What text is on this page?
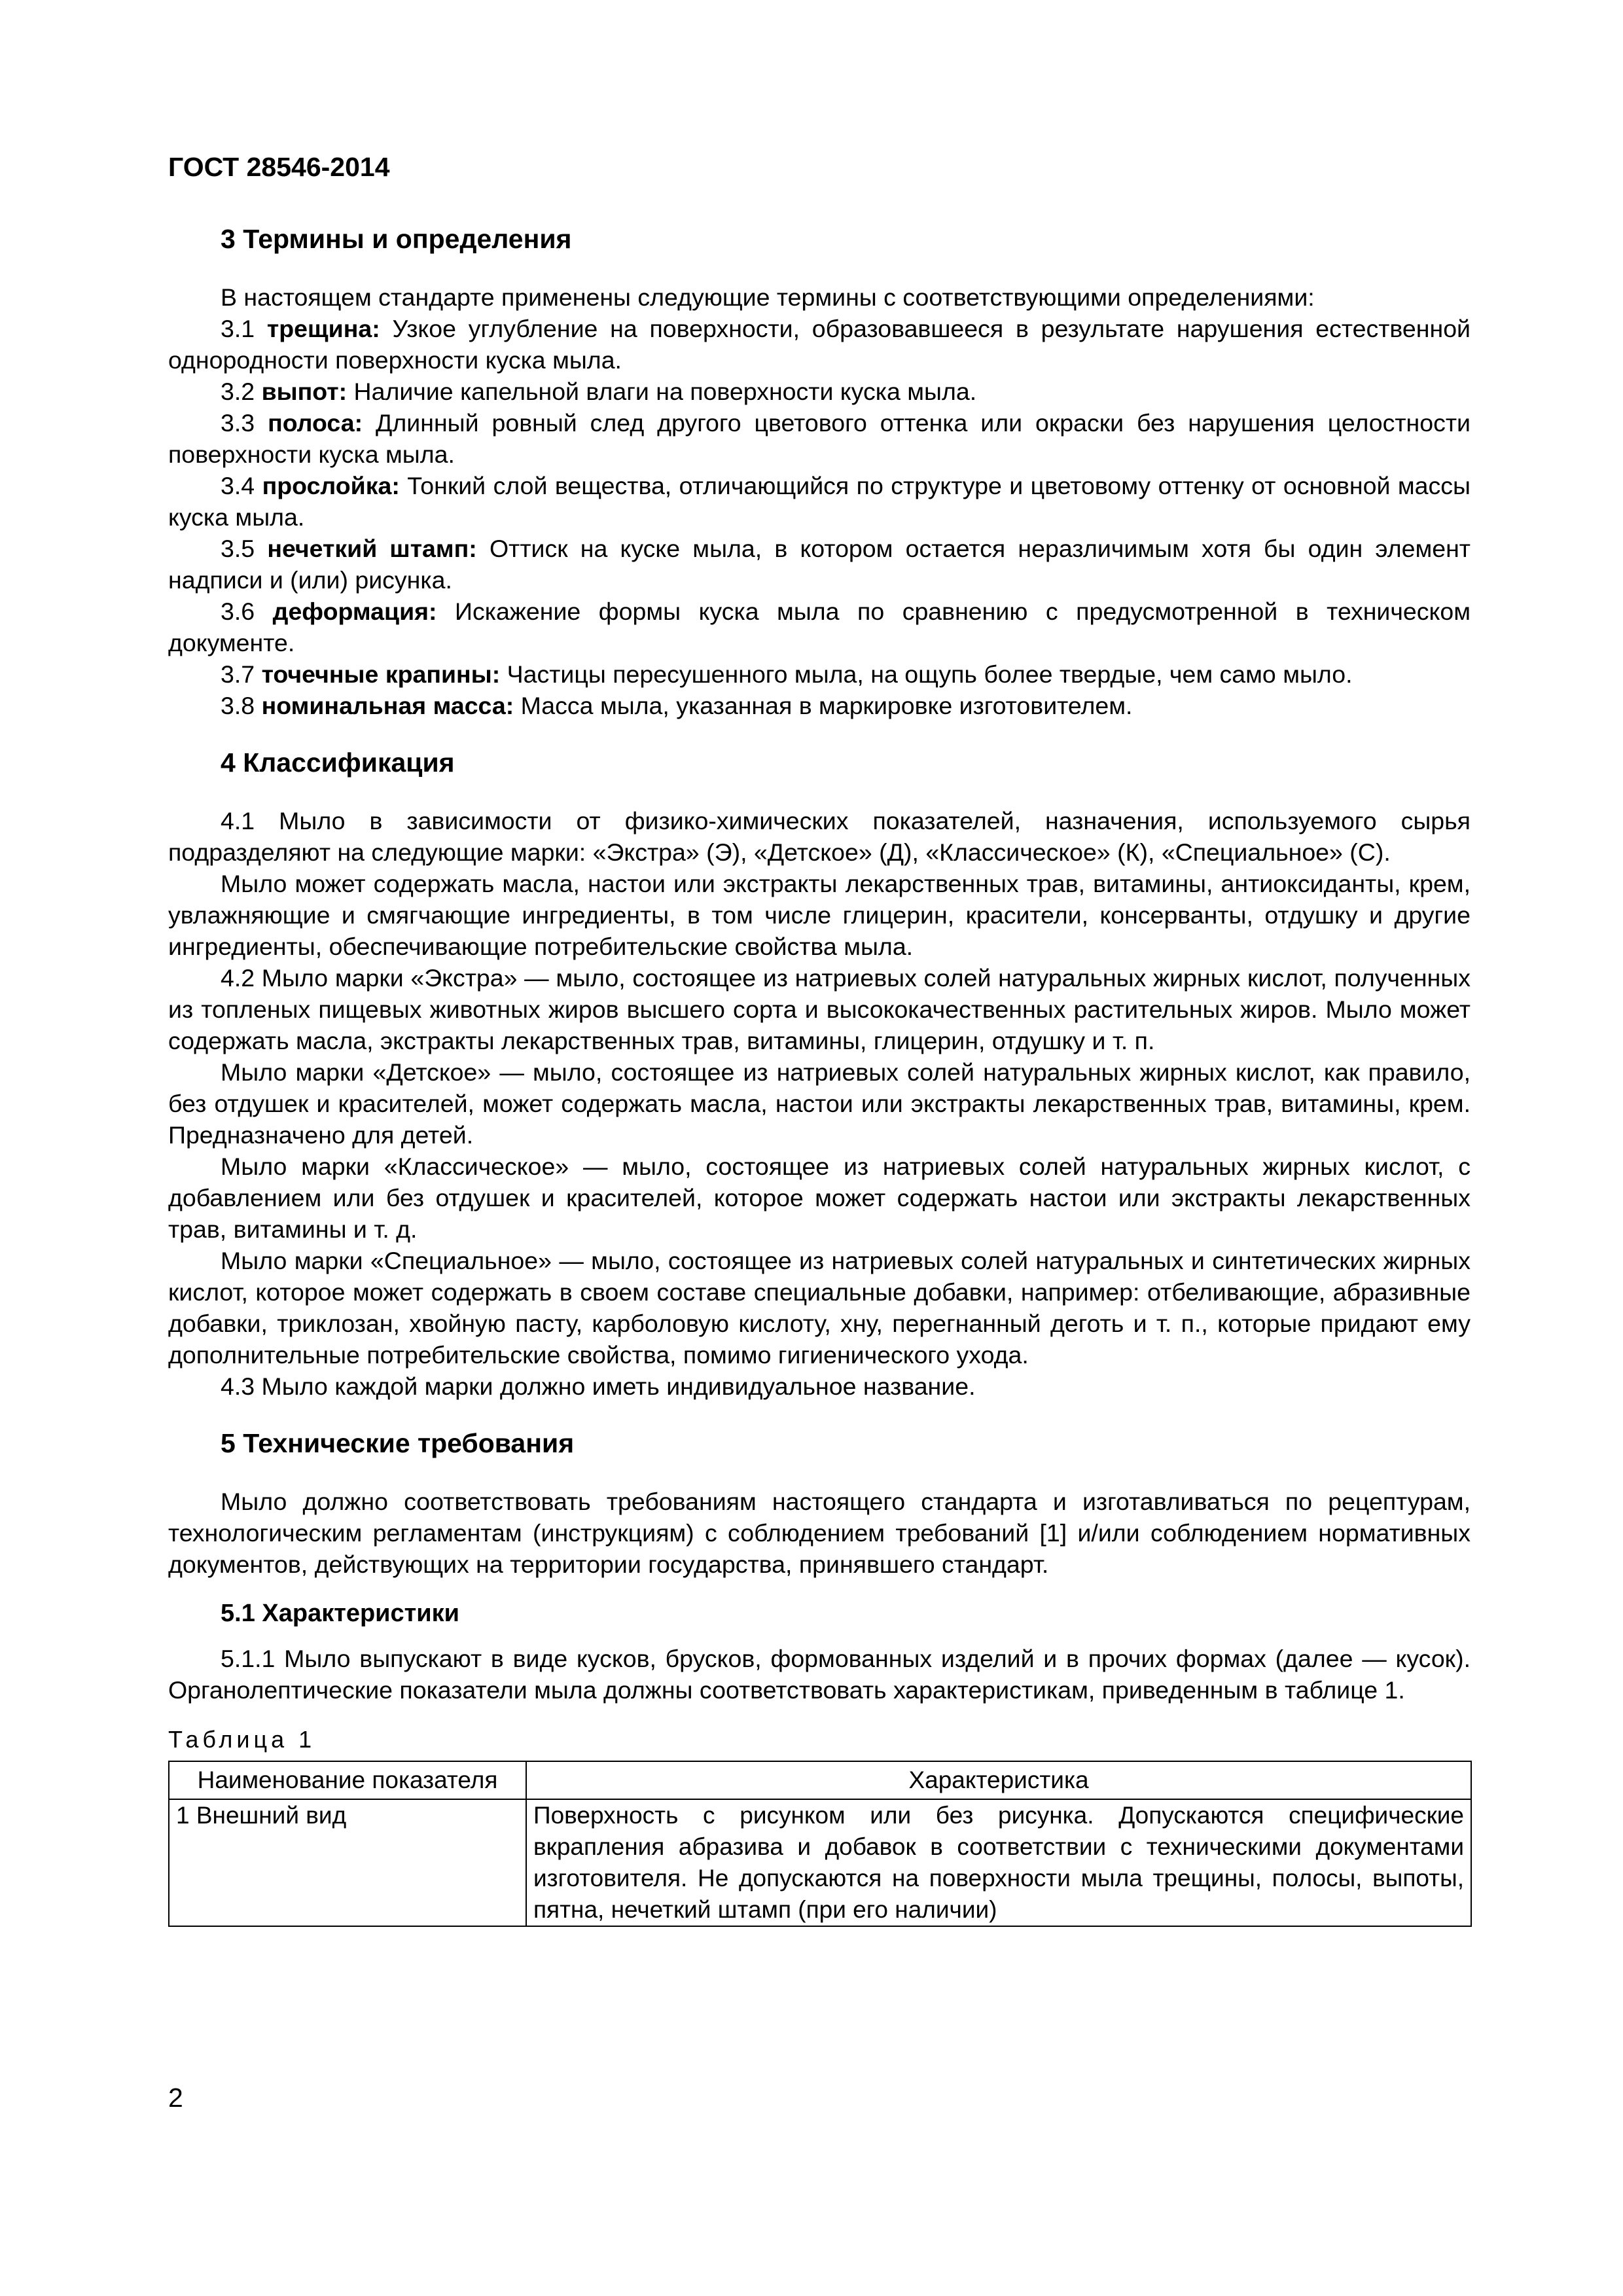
ГОСТ 28546-2014
3 Термины и определения

В настоящем стандарте применены следующие термины с соответствующими определениями:

3.1 трещина: Узкое углубление на поверхности, образовавшееся в результате нарушения естественной однородности поверхности куска мыла.

3.2 выпот: Наличие капельной влаги на поверхности куска мыла.

3.3 полоса: Длинный ровный след другого цветового оттенка или окраски без нарушения целостности поверхности куска мыла.

3.4 прослойка: Тонкий слой вещества, отличающийся по структуре и цветовому оттенку от основной массы куска мыла.

3.5 нечеткий штамп: Оттиск на куске мыла, в котором остается неразличимым хотя бы один элемент надписи и (или) рисунка.

3.6 деформация: Искажение формы куска мыла по сравнению с предусмотренной в техническом документе.

3.7 точечные крапины: Частицы пересушенного мыла, на ощупь более твердые, чем само мыло.

3.8 номинальная масса: Масса мыла, указанная в маркировке изготовителем.

4 Классификация

4.1 Мыло в зависимости от физико-химических показателей, назначения, используемого сырья подразделяют на следующие марки: «Экстра» (Э), «Детское» (Д), «Классическое» (К), «Специальное» (С).

Мыло может содержать масла, настои или экстракты лекарственных трав, витамины, антиоксиданты, крем, увлажняющие и смягчающие ингредиенты, в том числе глицерин, красители, консерванты, отдушку и другие ингредиенты, обеспечивающие потребительские свойства мыла.

4.2 Мыло марки «Экстра» — мыло, состоящее из натриевых солей натуральных жирных кислот, полученных из топленых пищевых животных жиров высшего сорта и высококачественных растительных жиров. Мыло может содержать масла, экстракты лекарственных трав, витамины, глицерин, отдушку и т. п.

Мыло марки «Детское» — мыло, состоящее из натриевых солей натуральных жирных кислот, как правило, без отдушек и красителей, может содержать масла, настои или экстракты лекарственных трав, витамины, крем. Предназначено для детей.

Мыло марки «Классическое» — мыло, состоящее из натриевых солей натуральных жирных кислот, с добавлением или без отдушек и красителей, которое может содержать настои или экстракты лекарственных трав, витамины и т. д.

Мыло марки «Специальное» — мыло, состоящее из натриевых солей натуральных и синтетических жирных кислот, которое может содержать в своем составе специальные добавки, например: отбеливающие, абразивные добавки, триклозан, хвойную пасту, карболовую кислоту, хну, перегнанный деготь и т. п., которые придают ему дополнительные потребительские свойства, помимо гигиенического ухода.

4.3 Мыло каждой марки должно иметь индивидуальное название.

5 Технические требования

Мыло должно соответствовать требованиям настоящего стандарта и изготавливаться по рецептурам, технологическим регламентам (инструкциям) с соблюдением требований [1] и/или соблюдением нормативных документов, действующих на территории государства, принявшего стандарт.

5.1 Характеристики

5.1.1 Мыло выпускают в виде кусков, брусков, формованных изделий и в прочих формах (далее — кусок). Органолептические показатели мыла должны соответствовать характеристикам, приведенным в таблице 1.

Таблица 1
Наименование показателя	Характеристика
1 Внешний вид	Поверхность с рисунком или без рисунка. Допускаются специфические вкрапления абразива и добавок в соответствии с техническими документами изготовителя. Не допускаются на поверхности мыла трещины, полосы, выпоты, пятна, нечеткий штамп (при его наличии)
2
